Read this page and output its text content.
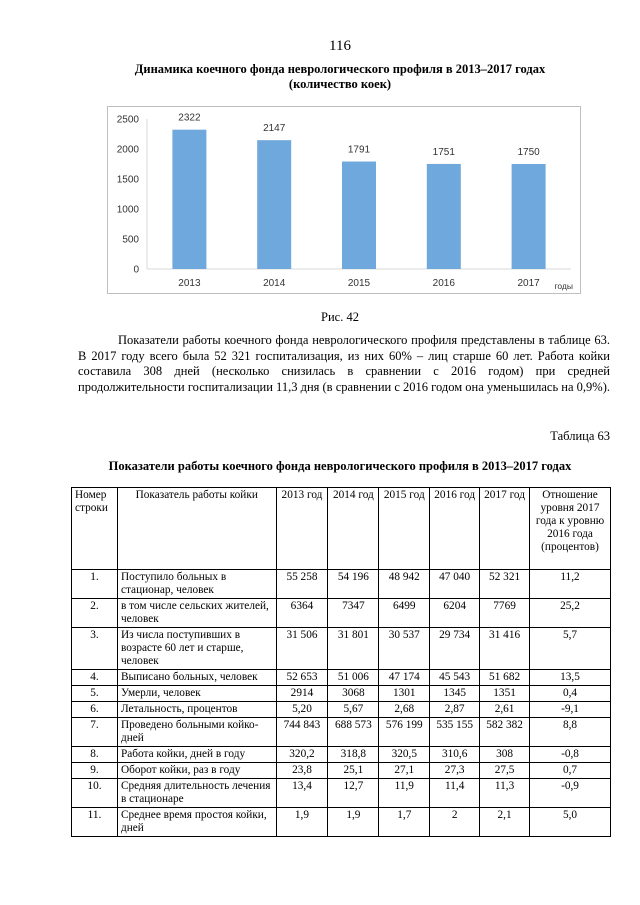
116
Динамика коечного фонда неврологического профиля в 2013–2017 годах
(количество коек)
0
500
1000
1500
2000
2500	2322
2013
2147
2014
1791
2015
1751
2016
1750
2017 годы
Рис. 42
Показатели работы коечного фонда неврологического профиля представлены в таблице 63. В 2017 году всего была 52 321 госпитализация, из них 60% – лиц старше 60 лет. Работа койки составила 308 дней (несколько снизилась в сравнении с 2016 годом) при средней продолжительности госпитализации 11,3 дня (в сравнении с 2016 годом она уменьшилась на 0,9%).
Таблица 63
Показатели работы коечного фонда неврологического профиля в 2013–2017 годах
Номер строки	Показатель работы койки	2013 год	2014 год	2015 год	2016 год	2017 год	Отношение уровня 2017 года к уровню 2016 года (процентов)
1.	Поступило больных в стационар, человек	55 258	54 196	48 942	47 040	52 321	11,2
2.	в том числе сельских жителей, человек	6364	7347	6499	6204	7769	25,2
3.	Из числа поступивших в возрасте 60 лет и старше, человек	31 506	31 801	30 537	29 734	31 416	5,7
4.	Выписано больных, человек	52 653	51 006	47 174	45 543	51 682	13,5
5.	Умерли, человек	2914	3068	1301	1345	1351	0,4
6.	Летальность, процентов	5,20	5,67	2,68	2,87	2,61	-9,1
7.	Проведено больными койко-дней	744 843	688 573	576 199	535 155	582 382	8,8
8.	Работа койки, дней в году	320,2	318,8	320,5	310,6	308	-0,8
9.	Оборот койки, раз в году	23,8	25,1	27,1	27,3	27,5	0,7
10.	Средняя длительность лечения в стационаре	13,4	12,7	11,9	11,4	11,3	-0,9
11.	Среднее время простоя койки, дней	1,9	1,9	1,7	2	2,1	5,0
